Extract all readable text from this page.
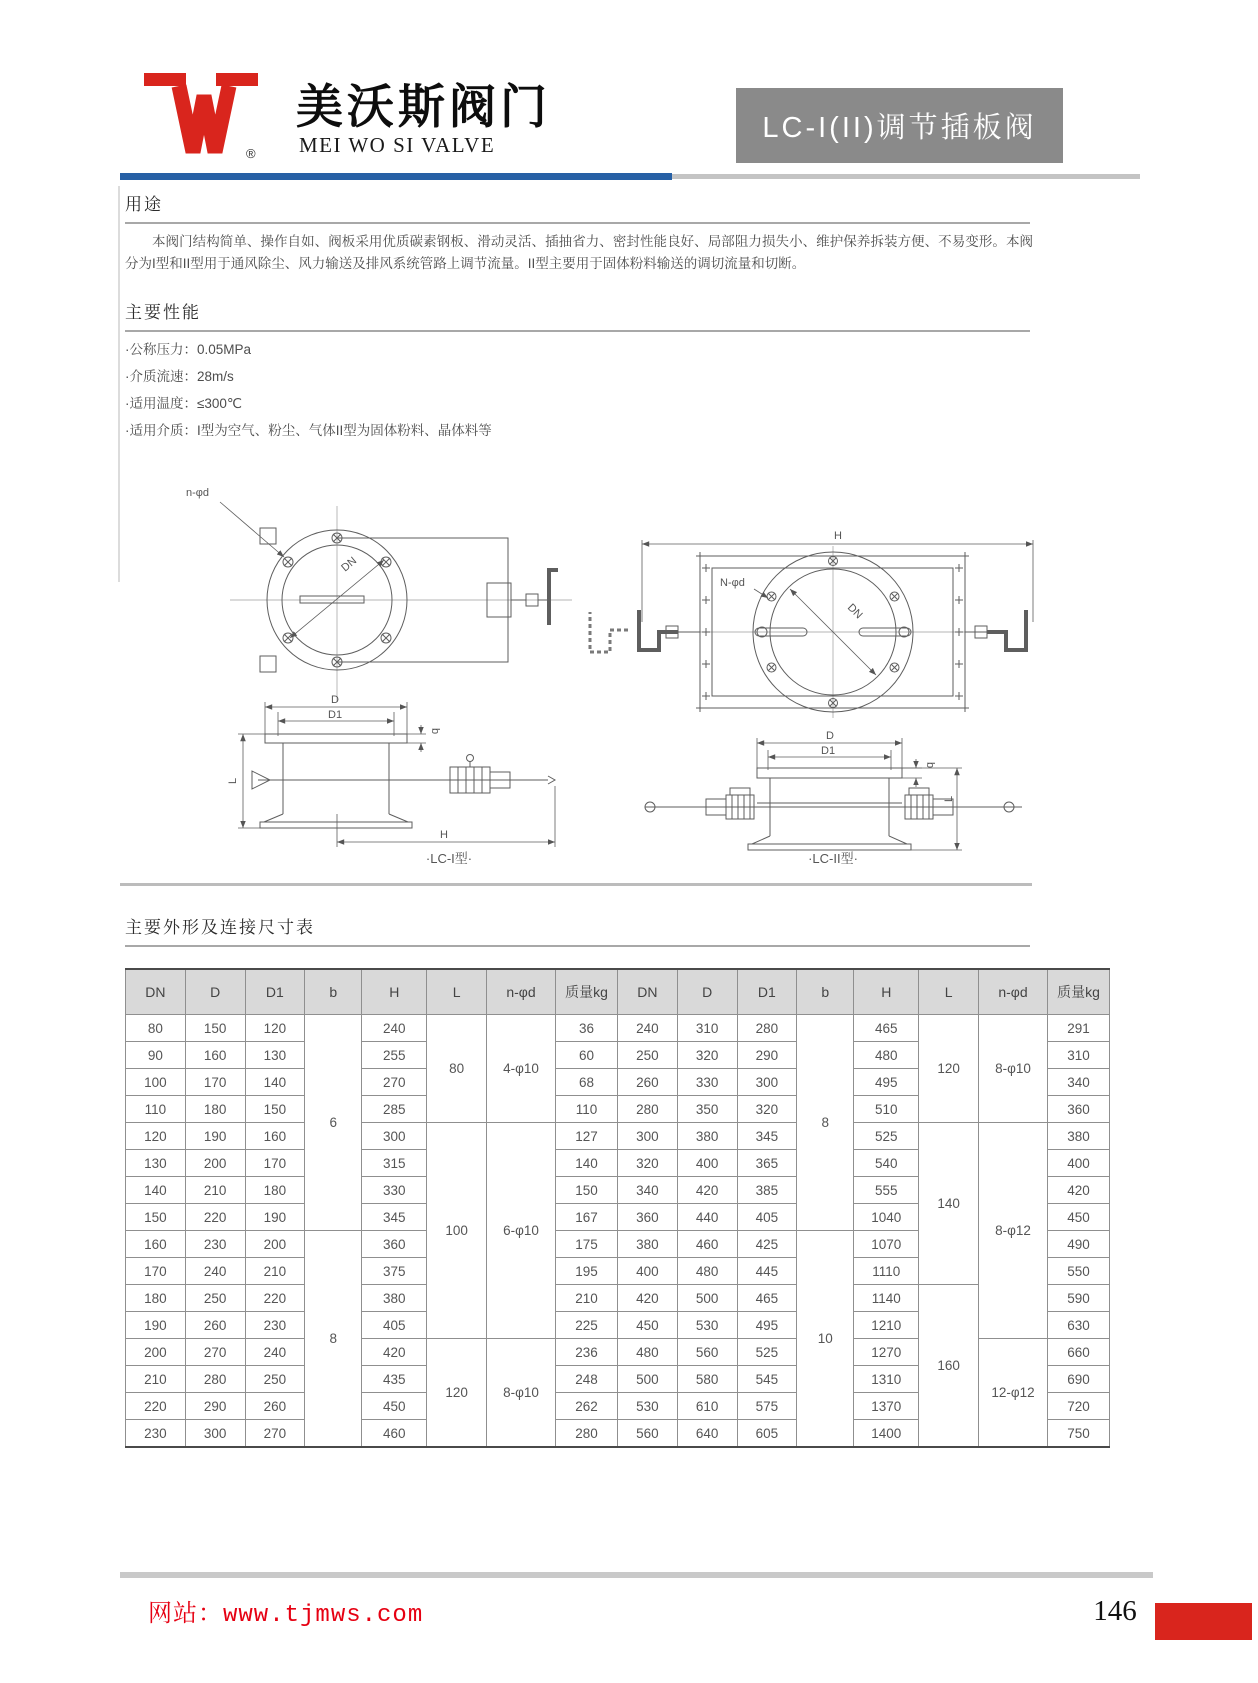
®
美沃斯阀门
MEI WO SI VALVE
LC-I(II)调节插板阀
用途

本阀门结构简单、操作自如、阀板采用优质碳素钢板、滑动灵活、插抽省力、密封性能良好、局部阻力损失小、维护保养拆装方便、不易变形。本阀分为I型和II型用于通风除尘、风力输送及排风系统管路上调节流量。II型主要用于固体粉料输送的调切流量和切断。

主要性能
·公称压力：0.05MPa
·介质流速：28m/s
·适用温度：≤300℃
·适用介质：I型为空气、粉尘、气体II型为固体粉料、晶体料等
n-φd
DN
D
D1
b
L
H
H
N-φd
DN
D
D1
b
L
·LC-I型·	·LC-II型·
主要外形及连接尺寸表
DN	D	D1	b	H	L	n-φd	质量kg	DN	D	D1	b	H	L	n-φd	质量kg
80	150	120	6	240	80	4-φ10	36	240	310	280	8	465	120	8-φ10	291
90	160	130		255			60	250	320	290		480			310
100	170	140		270			68	260	330	300		495			340
110	180	150		285			110	280	350	320		510			360
120	190	160		300	100	6-φ10	127	300	380	345		525	140	8-φ12	380
130	200	170		315			140	320	400	365		540			400
140	210	180		330			150	340	420	385		555			420
150	220	190		345			167	360	440	405		1040			450
160	230	200	8	360			175	380	460	425	10	1070			490
170	240	210		375			195	400	480	445		1110			550
180	250	220		380			210	420	500	465		1140	160		590
190	260	230		405			225	450	530	495		1210			630
200	270	240		420	120	8-φ10	236	480	560	525		1270		12-φ12	660
210	280	250		435			248	500	580	545		1310			690
220	290	260		450			262	530	610	575		1370			720
230	300	270		460			280	560	640	605		1400			750
网站：www.tjmws.com	146
